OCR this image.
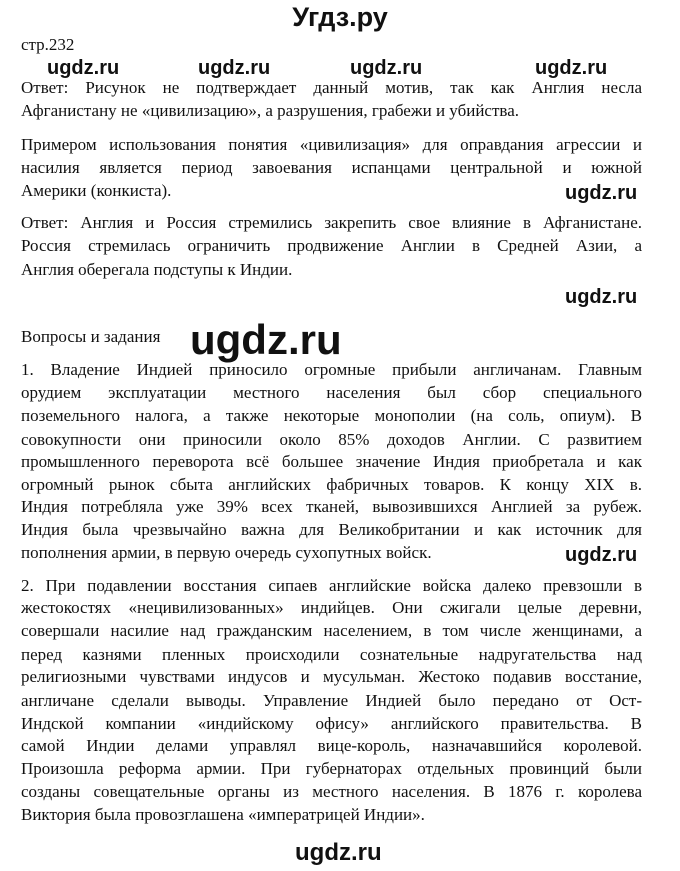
Угдз.ру
стр.232
Вопросы и задания
ugdz.ru	ugdz.ru	ugdz.ru	ugdz.ru
ugdz.ru
ugdz.ru
ugdz.ru
ugdz.ru
ugdz.ru
Ответ: Рисунок не подтверждает данный мотив, так как Англия несла
Афганистану не «цивилизацию», а разрушения, грабежи и убийства.
Примером использования понятия «цивилизация» для оправдания агрессии и
насилия является период завоевания испанцами центральной и южной
Америки (конкиста).
Ответ: Англия и Россия стремились закрепить свое влияние в Афганистане.
Россия стремилась ограничить продвижение Англии в Средней Азии, а
Англия оберегала подступы к Индии.
1. Владение Индией приносило огромные прибыли англичанам. Главным
орудием эксплуатации местного населения был сбор специального
поземельного налога, а также некоторые монополии (на соль, опиум). В
совокупности они приносили около 85% доходов Англии. С развитием
промышленного переворота всё большее значение Индия приобретала и как
огромный рынок сбыта английских фабричных товаров. К концу XIX в.
Индия потребляла уже 39% всех тканей, вывозившихся Англией за рубеж.
Индия была чрезвычайно важна для Великобритании и как источник для
пополнения армии, в первую очередь сухопутных войск.
2. При подавлении восстания сипаев английские войска далеко превзошли в
жестокостях «нецивилизованных» индийцев. Они сжигали целые деревни,
совершали насилие над гражданским населением, в том числе женщинами, а
перед казнями пленных происходили сознательные надругательства над
религиозными чувствами индусов и мусульман. Жестоко подавив восстание,
англичане сделали выводы. Управление Индией было передано от Ост-
Индской компании «индийскому офису» английского правительства. В
самой Индии делами управлял вице-король, назначавшийся королевой.
Произошла реформа армии. При губернаторах отдельных провинций были
созданы совещательные органы из местного населения. В 1876 г. королева
Виктория была провозглашена «императрицей Индии».
